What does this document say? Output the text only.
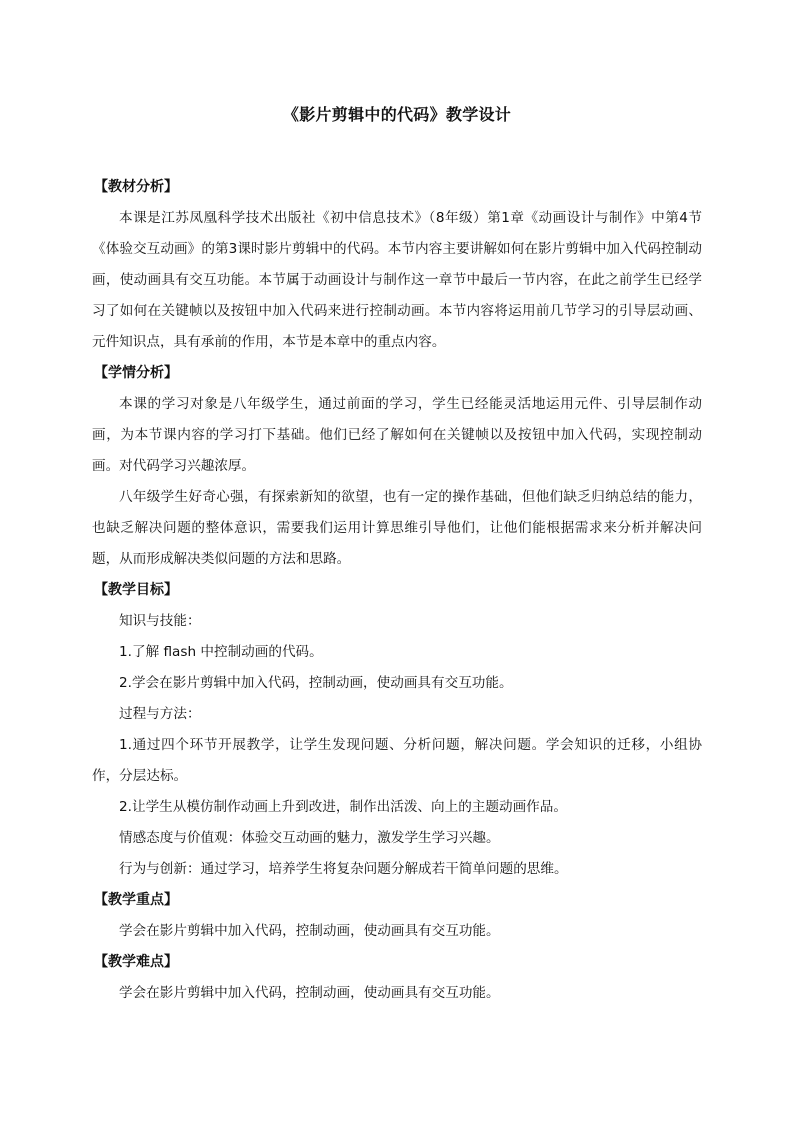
《影片剪辑中的代码》教学设计

【教材分析】

本课是江苏凤凰科学技术出版社《初中信息技术》（8年级）第1章《动画设计与制作》中第4节《体验交互动画》的第3课时影片剪辑中的代码。本节内容主要讲解如何在影片剪辑中加入代码控制动画，使动画具有交互功能。本节属于动画设计与制作这一章节中最后一节内容，在此之前学生已经学习了如何在关键帧以及按钮中加入代码来进行控制动画。本节内容将运用前几节学习的引导层动画、元件知识点，具有承前的作用，本节是本章中的重点内容。

【学情分析】

本课的学习对象是八年级学生，通过前面的学习，学生已经能灵活地运用元件、引导层制作动画，为本节课内容的学习打下基础。他们已经了解如何在关键帧以及按钮中加入代码，实现控制动画。对代码学习兴趣浓厚。

八年级学生好奇心强，有探索新知的欲望，也有一定的操作基础，但他们缺乏归纳总结的能力，也缺乏解决问题的整体意识，需要我们运用计算思维引导他们，让他们能根据需求来分析并解决问题，从而形成解决类似问题的方法和思路。

【教学目标】

知识与技能：

1.了解 flash 中控制动画的代码。

2.学会在影片剪辑中加入代码，控制动画，使动画具有交互功能。

过程与方法：

1.通过四个环节开展教学，让学生发现问题、分析问题，解决问题。学会知识的迁移，小组协作，分层达标。

2.让学生从模仿制作动画上升到改进，制作出活泼、向上的主题动画作品。

情感态度与价值观：体验交互动画的魅力，激发学生学习兴趣。

行为与创新：通过学习，培养学生将复杂问题分解成若干简单问题的思维。

【教学重点】

学会在影片剪辑中加入代码，控制动画，使动画具有交互功能。

【教学难点】

学会在影片剪辑中加入代码，控制动画，使动画具有交互功能。
